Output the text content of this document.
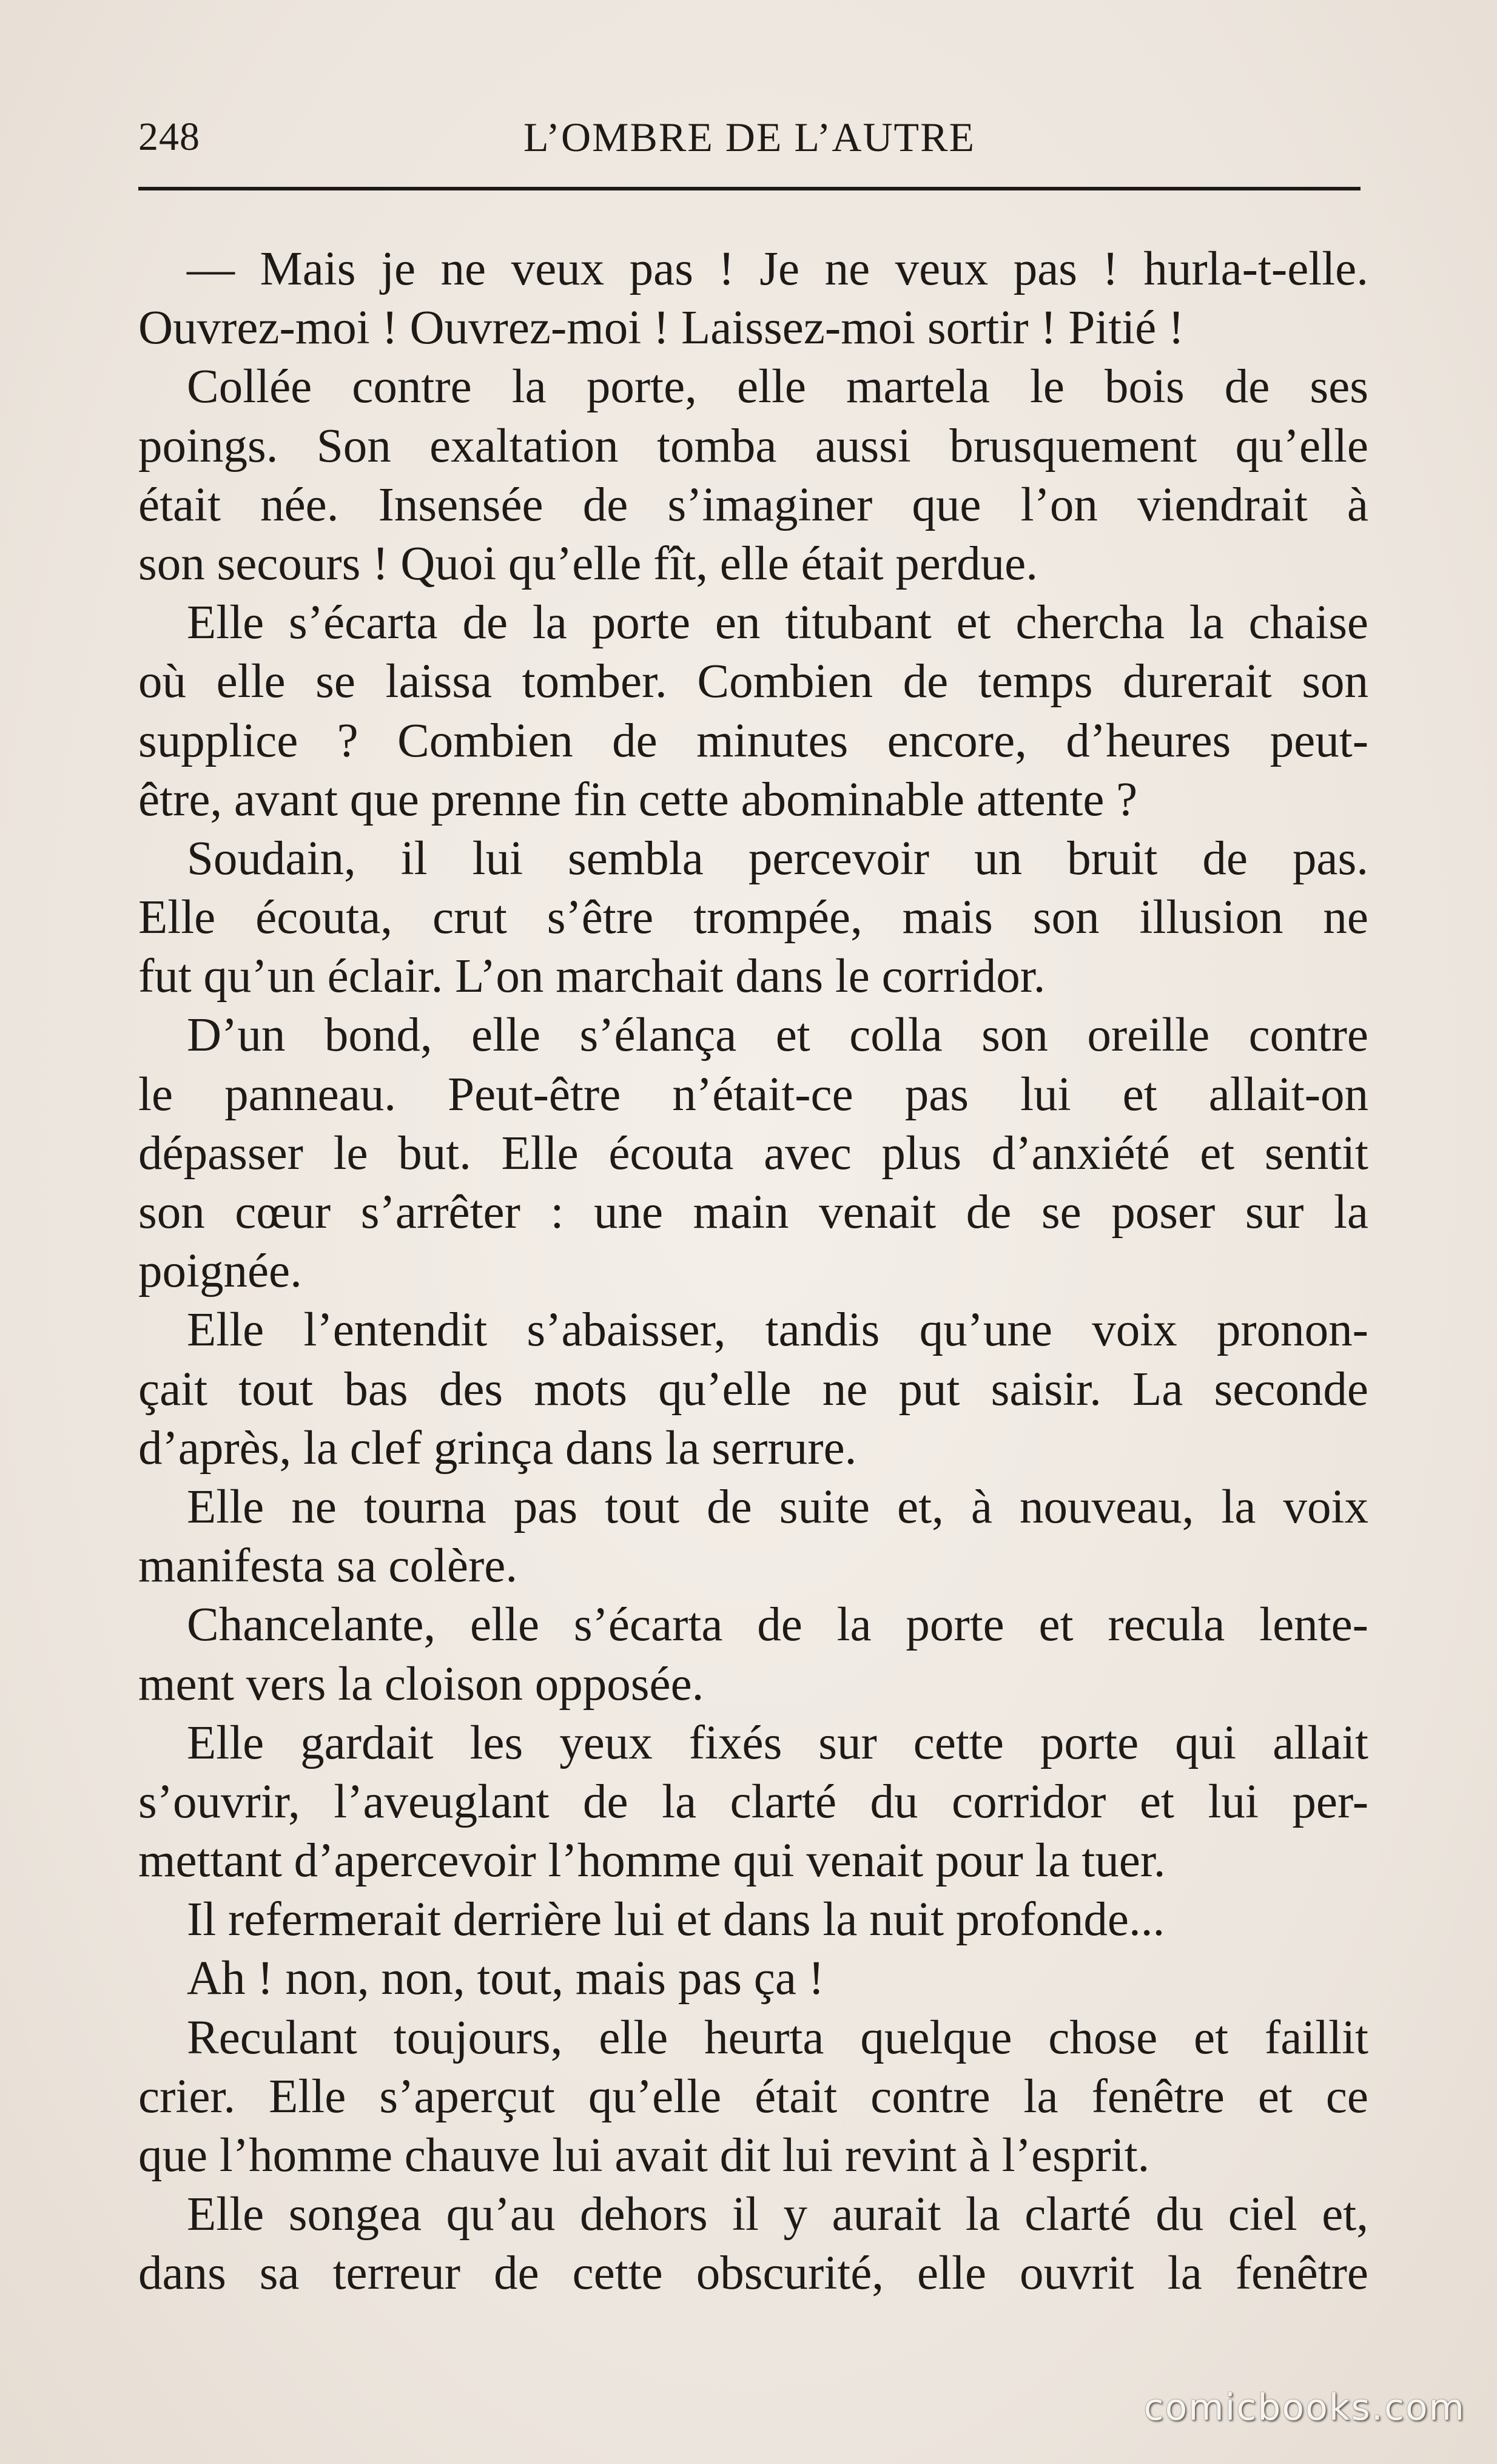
248	L’OMBRE DE L’AUTRE
— Mais je ne veux pas ! Je ne veux pas ! hurla-t-elle.
Ouvrez-moi ! Ouvrez-moi ! Laissez-moi sortir ! Pitié !
Collée contre la porte, elle martela le bois de ses
poings. Son exaltation tomba aussi brusquement qu’elle
était née. Insensée de s’imaginer que l’on viendrait à
son secours ! Quoi qu’elle fît, elle était perdue.
Elle s’écarta de la porte en titubant et chercha la chaise
où elle se laissa tomber. Combien de temps durerait son
supplice ? Combien de minutes encore, d’heures peut-
être, avant que prenne fin cette abominable attente ?
Soudain, il lui sembla percevoir un bruit de pas.
Elle écouta, crut s’être trompée, mais son illusion ne
fut qu’un éclair. L’on marchait dans le corridor.
D’un bond, elle s’élança et colla son oreille contre
le panneau. Peut-être n’était-ce pas lui et allait-on
dépasser le but. Elle écouta avec plus d’anxiété et sentit
son cœur s’arrêter : une main venait de se poser sur la
poignée.
Elle l’entendit s’abaisser, tandis qu’une voix pronon-
çait tout bas des mots qu’elle ne put saisir. La seconde
d’après, la clef grinça dans la serrure.
Elle ne tourna pas tout de suite et, à nouveau, la voix
manifesta sa colère.
Chancelante, elle s’écarta de la porte et recula lente-
ment vers la cloison opposée.
Elle gardait les yeux fixés sur cette porte qui allait
s’ouvrir, l’aveuglant de la clarté du corridor et lui per-
mettant d’apercevoir l’homme qui venait pour la tuer.
Il refermerait derrière lui et dans la nuit profonde...
Ah ! non, non, tout, mais pas ça !
Reculant toujours, elle heurta quelque chose et faillit
crier. Elle s’aperçut qu’elle était contre la fenêtre et ce
que l’homme chauve lui avait dit lui revint à l’esprit.
Elle songea qu’au dehors il y aurait la clarté du ciel et,
dans sa terreur de cette obscurité, elle ouvrit la fenêtre
comicbooks.com
